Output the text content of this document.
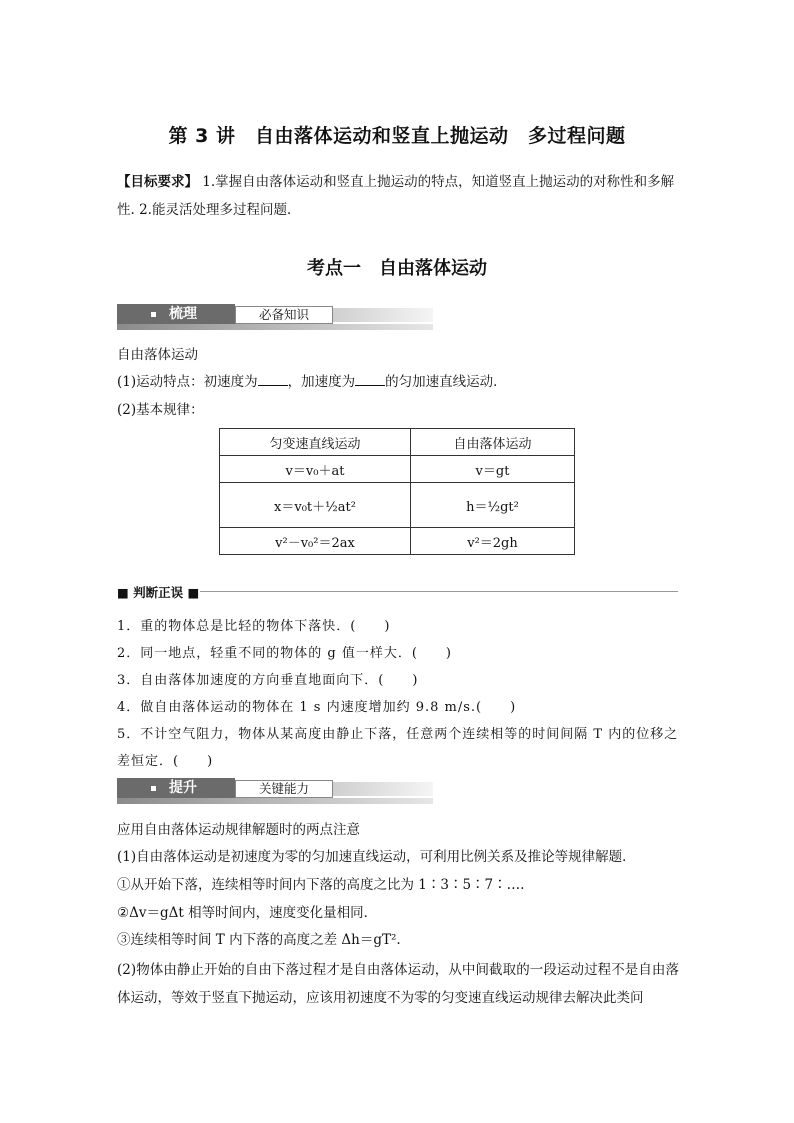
第 3 讲　自由落体运动和竖直上抛运动　多过程问题
【目标要求】 1.掌握自由落体运动和竖直上抛运动的特点，知道竖直上抛运动的对称性和多解
性. 2.能灵活处理多过程问题．
考点一　自由落体运动
梳理	必备知识
自由落体运动
(1)运动特点：初速度为 ，加速度为 的匀加速直线运动．
(2)基本规律：
匀变速直线运动	自由落体运动
v＝v₀＋at	v＝gt
x＝v₀t＋½at²	h＝½gt²
v²－v₀²＝2ax	v²＝2gh
■ 判断正误 ■
1．重的物体总是比轻的物体下落快．(　　)
2．同一地点，轻重不同的物体的 g 值一样大．(　　)
3．自由落体加速度的方向垂直地面向下．(　　)
4．做自由落体运动的物体在 1 s 内速度增加约 9.8 m/s.(　　)
5．不计空气阻力，物体从某高度由静止下落，任意两个连续相等的时间间隔 T 内的位移之
差恒定．(　　)
提升	关键能力
应用自由落体运动规律解题时的两点注意
(1)自由落体运动是初速度为零的匀加速直线运动，可利用比例关系及推论等规律解题．
①从开始下落，连续相等时间内下落的高度之比为 1∶3∶5∶7∶….
②Δv＝gΔt 相等时间内，速度变化量相同．
③连续相等时间 T 内下落的高度之差 Δh＝gT².
(2)物体由静止开始的自由下落过程才是自由落体运动，从中间截取的一段运动过程不是自由落体运动，等效于竖直下抛运动，应该用初速度不为零的匀变速直线运动规律去解决此类问
